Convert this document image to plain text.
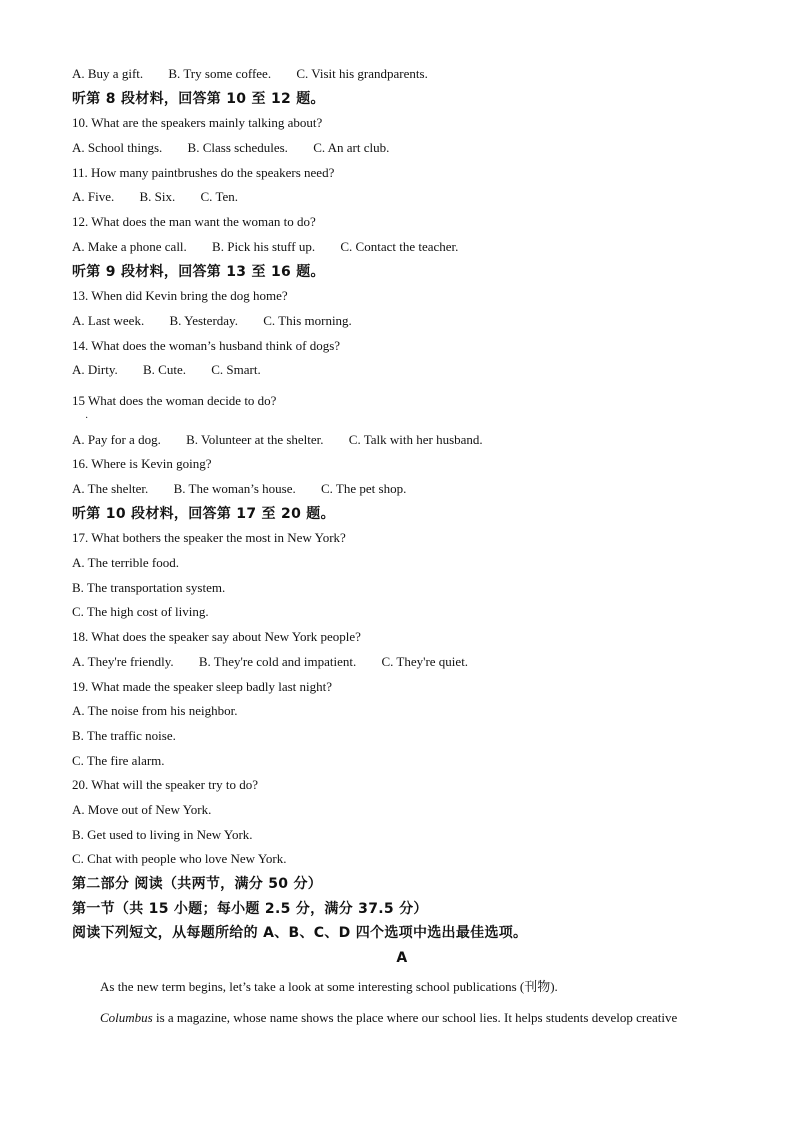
A. Buy a gift. B. Try some coffee. C. Visit his grandparents.
听第 8 段材料，回答第 10 至 12 题。
10. What are the speakers mainly talking about?
A. School things. B. Class schedules. C. An art club.
11. How many paintbrushes do the speakers need?
A. Five. B. Six. C. Ten.
12. What does the man want the woman to do?
A. Make a phone call. B. Pick his stuff up. C. Contact the teacher.
听第 9 段材料，回答第 13 至 16 题。
13. When did Kevin bring the dog home?
A. Last week. B. Yesterday. C. This morning.
14. What does the woman’s husband think of dogs?
A. Dirty. B. Cute. C. Smart.
15 What does the woman decide to do?
·
A. Pay for a dog. B. Volunteer at the shelter. C. Talk with her husband.
16. Where is Kevin going?
A. The shelter. B. The woman’s house. C. The pet shop.
听第 10 段材料，回答第 17 至 20 题。
17. What bothers the speaker the most in New York?
A. The terrible food.
B. The transportation system.
C. The high cost of living.
18. What does the speaker say about New York people?
A. They're friendly. B. They're cold and impatient. C. They're quiet.
19. What made the speaker sleep badly last night?
A. The noise from his neighbor.
B. The traffic noise.
C. The fire alarm.
20. What will the speaker try to do?
A. Move out of New York.
B. Get used to living in New York.
C. Chat with people who love New York.
第二部分 阅读（共两节，满分 50 分）
第一节（共 15 小题；每小题 2.5 分，满分 37.5 分）
阅读下列短文，从每题所给的 A、B、C、D 四个选项中选出最佳选项。
A
As the new term begins, let’s take a look at some interesting school publications (刊物).
Columbus is a magazine, whose name shows the place where our school lies. It helps students develop creative
